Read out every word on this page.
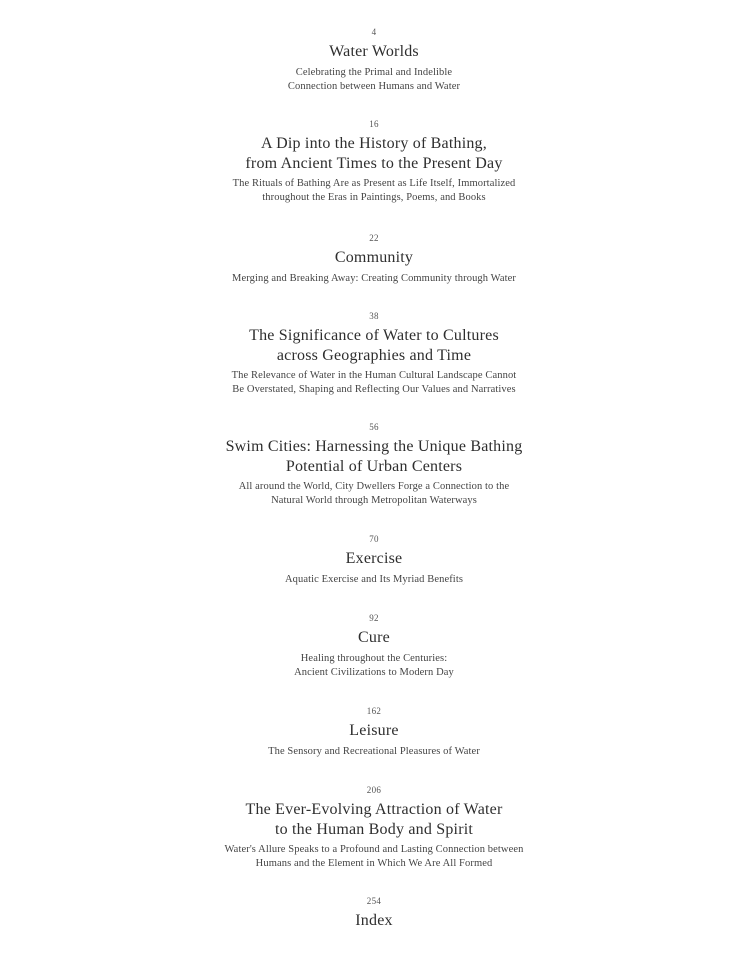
4
Water Worlds
Celebrating the Primal and Indelible
Connection between Humans and Water
16
A Dip into the History of Bathing,
from Ancient Times to the Present Day
The Rituals of Bathing Are as Present as Life Itself, Immortalized
throughout the Eras in Paintings, Poems, and Books
22
Community
Merging and Breaking Away: Creating Community through Water
38
The Significance of Water to Cultures
across Geographies and Time
The Relevance of Water in the Human Cultural Landscape Cannot
Be Overstated, Shaping and Reflecting Our Values and Narratives
56
Swim Cities: Harnessing the Unique Bathing
Potential of Urban Centers
All around the World, City Dwellers Forge a Connection to the
Natural World through Metropolitan Waterways
70
Exercise
Aquatic Exercise and Its Myriad Benefits
92
Cure
Healing throughout the Centuries:
Ancient Civilizations to Modern Day
162
Leisure
The Sensory and Recreational Pleasures of Water
206
The Ever-Evolving Attraction of Water
to the Human Body and Spirit
Water's Allure Speaks to a Profound and Lasting Connection between
Humans and the Element in Which We Are All Formed
254
Index
